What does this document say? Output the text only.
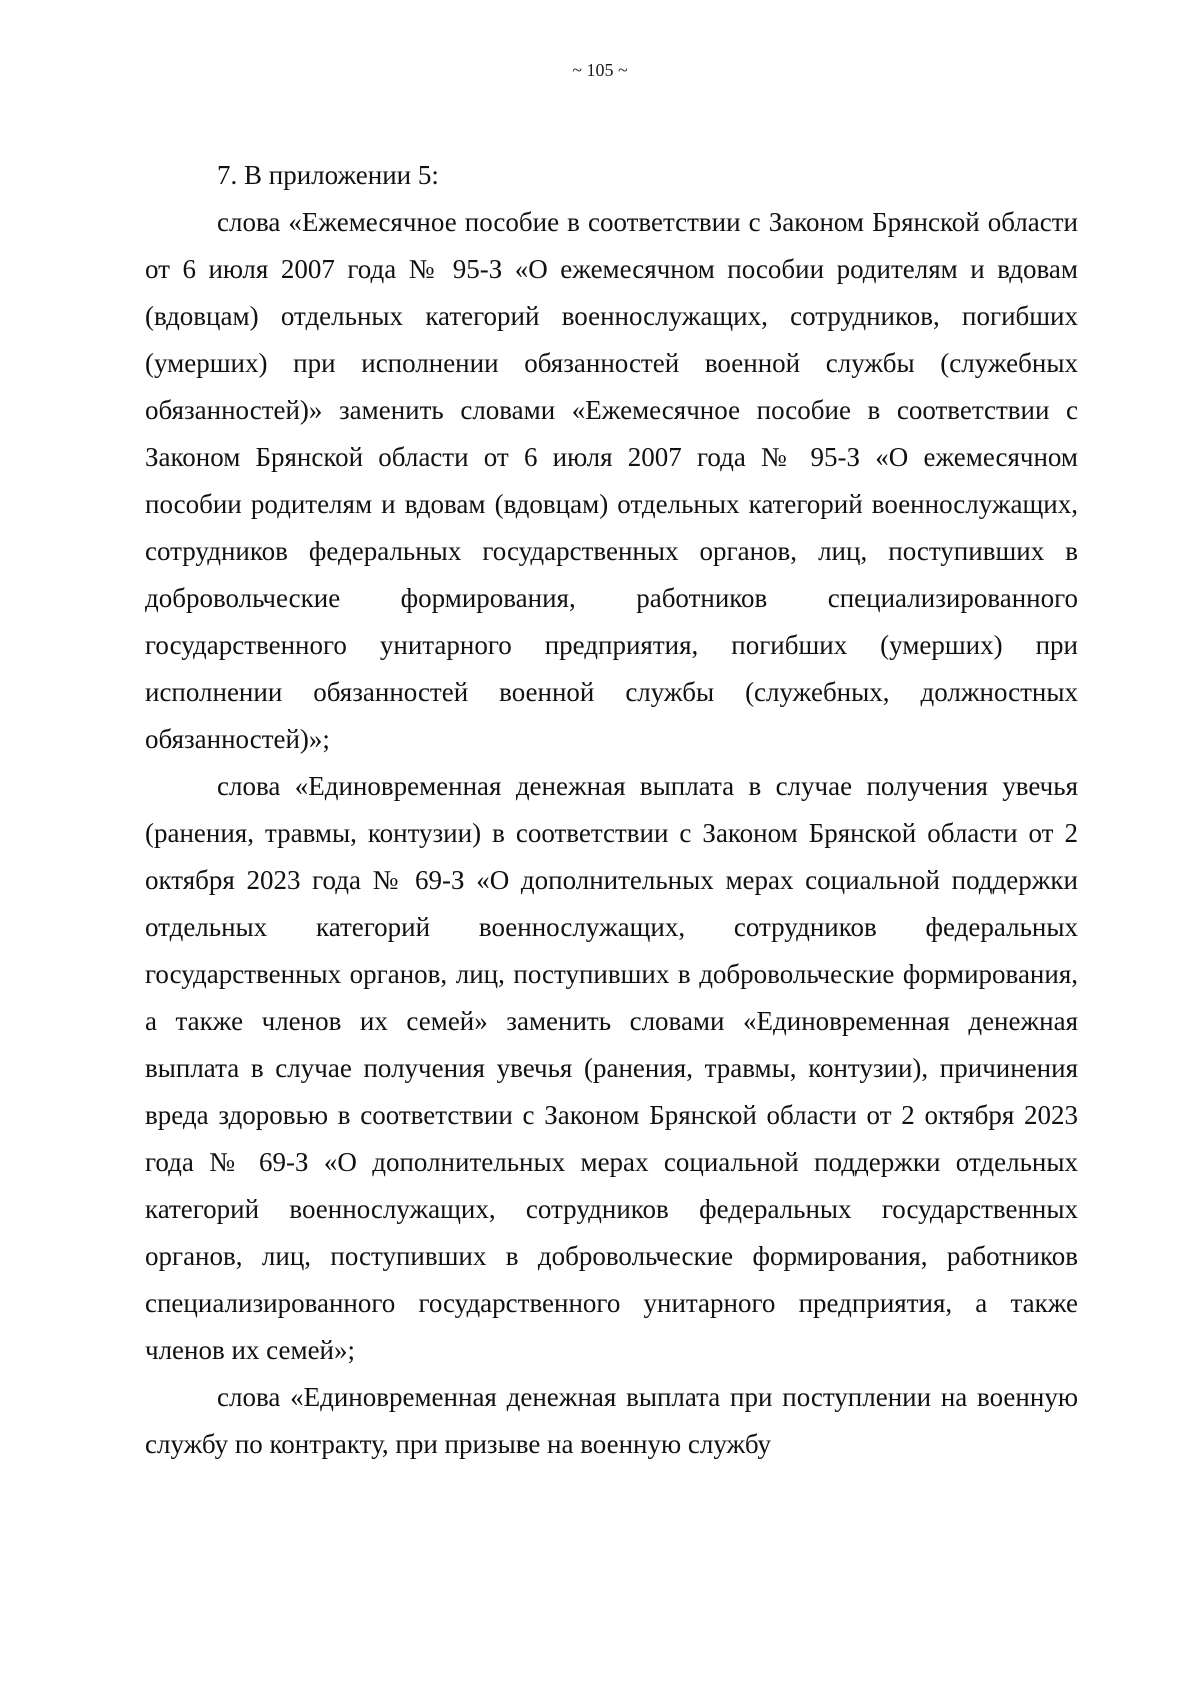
~ 105 ~

7. В приложении 5:

слова «Ежемесячное пособие в соответствии с Законом Брянской области от 6 июля 2007 года № 95-З «О ежемесячном пособии родителям и вдовам (вдовцам) отдельных категорий военнослужащих, сотрудников, погибших (умерших) при исполнении обязанностей военной службы (служебных обязанностей)» заменить словами «Ежемесячное пособие в соответствии с Законом Брянской области от 6 июля 2007 года № 95-З «О ежемесячном пособии родителям и вдовам (вдовцам) отдельных категорий военнослужащих, сотрудников федеральных государственных органов, лиц, поступивших в добровольческие формирования, работников специализированного государственного унитарного предприятия, погибших (умерших) при исполнении обязанностей военной службы (служебных, должностных обязанностей)»;

слова «Единовременная денежная выплата в случае получения увечья (ранения, травмы, контузии) в соответствии с Законом Брянской области от 2 октября 2023 года № 69-З «О дополнительных мерах социальной поддержки отдельных категорий военнослужащих, сотрудников федеральных государственных органов, лиц, поступивших в добровольческие формирования, а также членов их семей» заменить словами «Единовременная денежная выплата в случае получения увечья (ранения, травмы, контузии), причинения вреда здоровью в соответствии с Законом Брянской области от 2 октября 2023 года № 69-З «О дополнительных мерах социальной поддержки отдельных категорий военнослужащих, сотрудников федеральных государственных органов, лиц, поступивших в добровольческие формирования, работников специализированного государственного унитарного предприятия, а также членов их семей»;

слова «Единовременная денежная выплата при поступлении на военную службу по контракту, при призыве на военную службу
